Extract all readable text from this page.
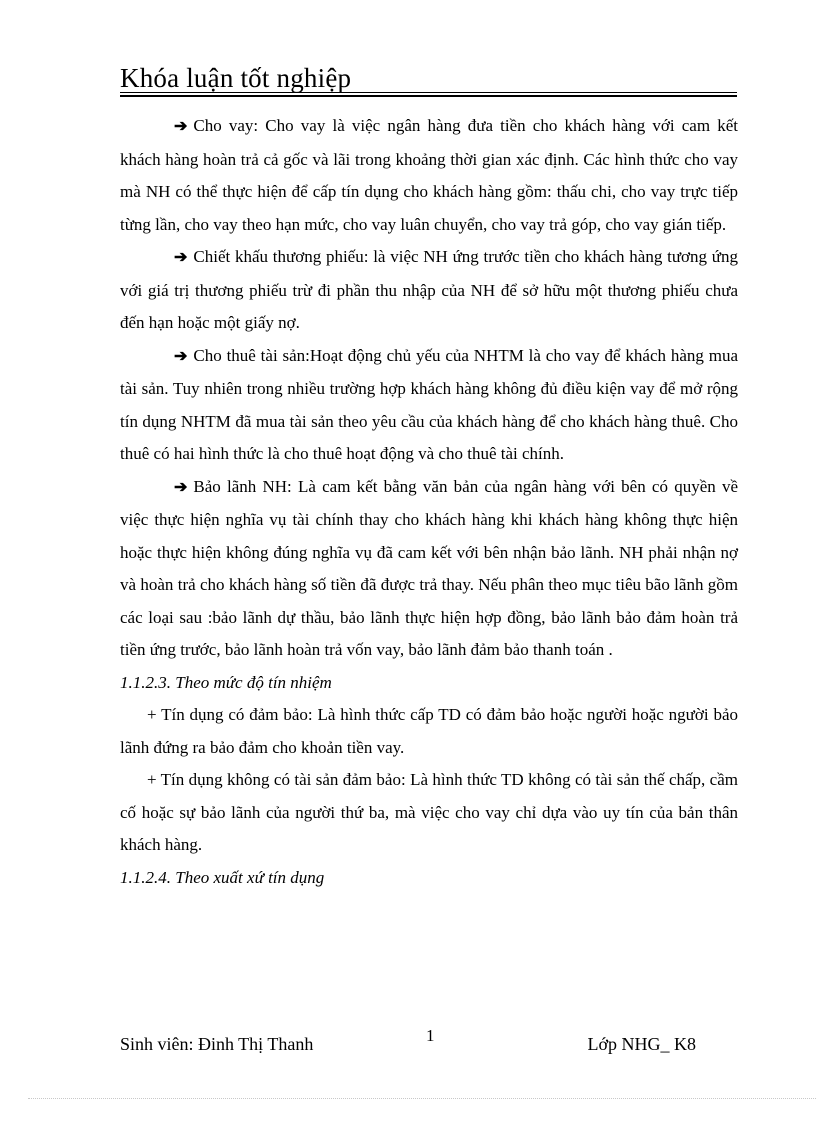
Khóa luận tốt nghiệp

➔ Cho vay: Cho vay là việc ngân hàng đưa tiền cho khách hàng với cam kết khách hàng hoàn trả cả gốc và lãi trong khoảng thời gian xác định. Các hình thức cho vay mà NH có thể thực hiện để cấp tín dụng cho khách hàng gồm: thấu chi, cho vay trực tiếp từng lần, cho vay theo hạn mức, cho vay luân chuyển, cho vay trả góp, cho vay gián tiếp.

➔ Chiết khấu thương phiếu: là việc NH ứng trước tiền cho khách hàng tương ứng với giá trị thương phiếu trừ đi phần thu nhập của NH để sở hữu một thương phiếu chưa đến hạn hoặc một giấy nợ.

➔ Cho thuê tài sản:Hoạt động chủ yếu của NHTM là cho vay để khách hàng mua tài sản. Tuy nhiên trong nhiều trường hợp khách hàng không đủ điều kiện vay để mở rộng tín dụng NHTM đã mua tài sản theo yêu cầu của khách hàng để cho khách hàng thuê. Cho thuê có hai hình thức là cho thuê hoạt động và cho thuê tài chính.

➔ Bảo lãnh NH: Là cam kết bằng văn bản của ngân hàng với bên có quyền về việc thực hiện nghĩa vụ tài chính thay cho khách hàng khi khách hàng không thực hiện hoặc thực hiện không đúng nghĩa vụ đã cam kết với bên nhận bảo lãnh. NH phải nhận nợ và hoàn trả cho khách hàng số tiền đã được trả thay. Nếu phân theo mục tiêu bão lãnh gồm các loại sau :bảo lãnh dự thầu, bảo lãnh thực hiện hợp đồng, bảo lãnh bảo đảm hoàn trả tiền ứng trước, bảo lãnh hoàn trả vốn vay, bảo lãnh đảm bảo thanh toán .

1.1.2.3. Theo mức độ tín nhiệm

+ Tín dụng có đảm bảo: Là hình thức cấp TD có đảm bảo hoặc người hoặc người bảo lãnh đứng ra bảo đảm cho khoản tiền vay.

+ Tín dụng không có tài sản đảm bảo: Là hình thức TD không có tài sản thế chấp, cầm cố hoặc sự bảo lãnh của người thứ ba, mà việc cho vay chỉ dựa vào uy tín của bản thân khách hàng.

1.1.2.4. Theo xuất xứ tín dụng

Sinh viên: Đinh Thị Thanh	1	Lớp NHG_ K8
